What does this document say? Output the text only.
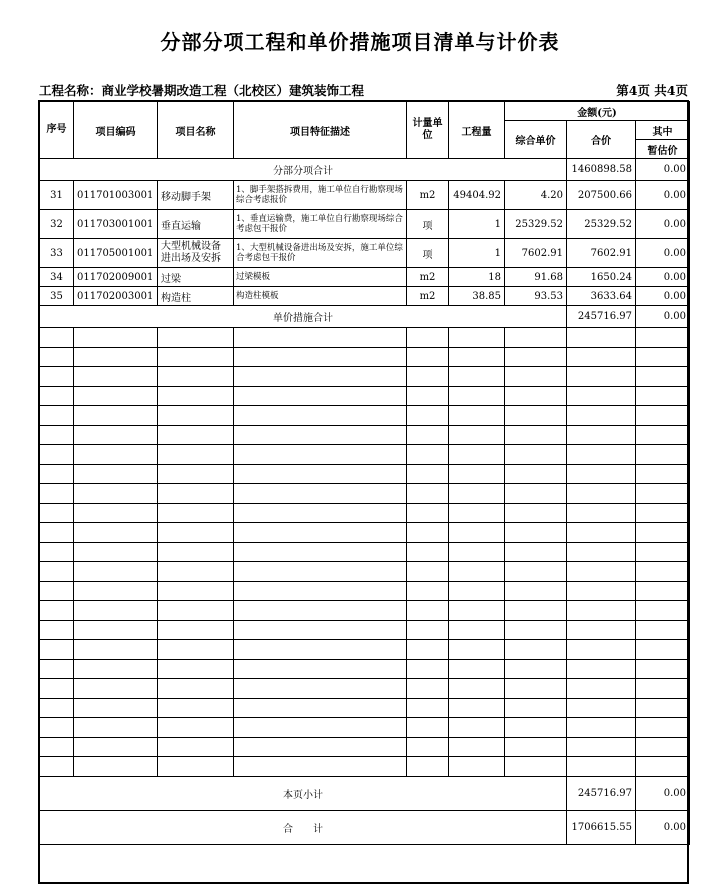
分部分项工程和单价措施项目清单与计价表
工程名称：商业学校暑期改造工程（北校区）建筑装饰工程	第4页 共4页
序号	项目编码	项目名称	项目特征描述	计量单位	工程量	金额(元)		
						综合单价	合价	其中
								暂估价
分部分项合计							1460898.58	0.00
31	011701003001	移动脚手架	1、脚手架搭拆费用，施工单位自行勘察现场综合考虑报价	m2	49404.92	4.20	207500.66	0.00
32	011703001001	垂直运输	1、垂直运输费，施工单位自行勘察现场综合考虑包干报价	项	1	25329.52	25329.52	0.00
33	011705001001	大型机械设备进出场及安拆	1、大型机械设备进出场及安拆，施工单位综合考虑包干报价	项	1	7602.91	7602.91	0.00
34	011702009001	过梁	过梁模板	m2	18	91.68	1650.24	0.00
35	011702003001	构造柱	构造柱模板	m2	38.85	93.53	3633.64	0.00
单价措施合计							245716.97	0.00

本页小计							245716.97	0.00
合　　计							1706615.55	0.00
